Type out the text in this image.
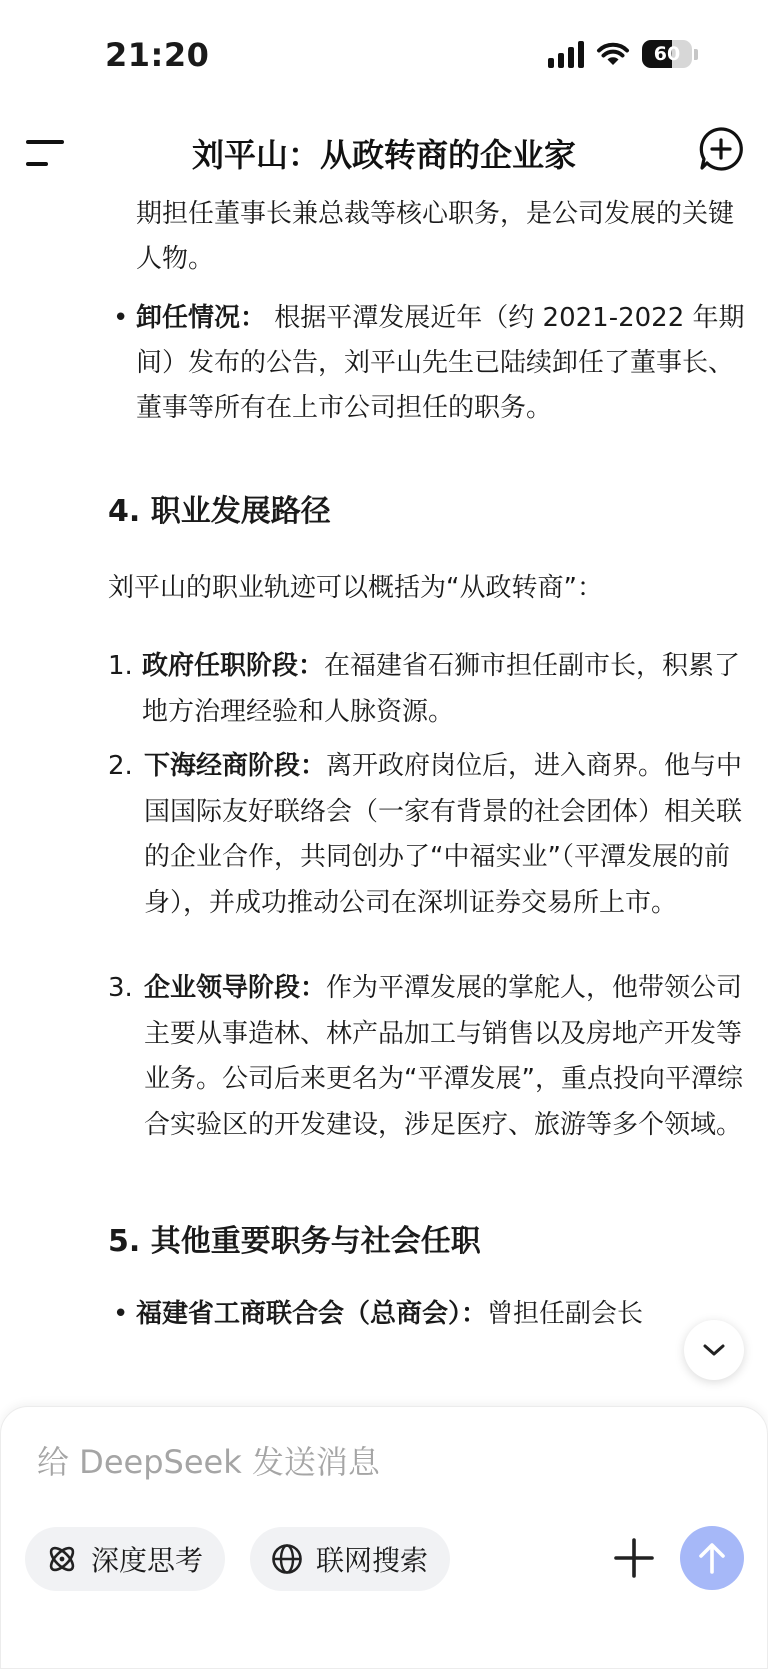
21:20	60
刘平山：从政转商的企业家
期担任董事长兼总裁等核心职务，是公司发展的关键人物。
• 卸任情况： 根据平潭发展近年（约 2021-2022 年期间）发布的公告，刘平山先生已陆续卸任了董事长、董事等所有在上市公司担任的职务。
4. 职业发展路径
刘平山的职业轨迹可以概括为“从政转商”：
1. 政府任职阶段：在福建省石狮市担任副市长，积累了地方治理经验和人脉资源。
2. 下海经商阶段：离开政府岗位后，进入商界。他与中国国际友好联络会（一家有背景的社会团体）相关联的企业合作，共同创办了“中福实业”（平潭发展的前身），并成功推动公司在深圳证券交易所上市。
3. 企业领导阶段：作为平潭发展的掌舵人，他带领公司主要从事造林、林产品加工与销售以及房地产开发等业务。公司后来更名为“平潭发展”，重点投向平潭综合实验区的开发建设，涉足医疗、旅游等多个领域。
5. 其他重要职务与社会任职
• 福建省工商联合会（总商会）：曾担任副会长
给 DeepSeek 发送消息
深度思考	联网搜索
